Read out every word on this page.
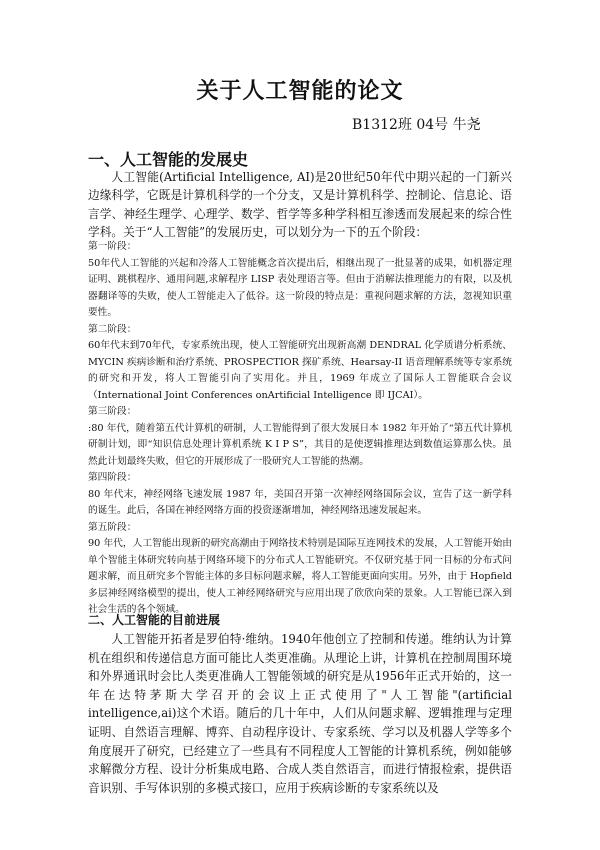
关于人工智能的论文
B1312班 04号 牛尧
一、人工智能的发展史

人工智能(Artificial Intelligence, AI)是20世纪50年代中期兴起的一门新兴边缘科学，它既是计算机科学的一个分支，又是计算机科学、控制论、信息论、语言学、神经生理学、心理学、数学、哲学等多种学科相互渗透而发展起来的综合性学科。关于“人工智能”的发展历史，可以划分为一下的五个阶段：

第一阶段：

50年代人工智能的兴起和冷落人工智能概念首次提出后，相继出现了一批显著的成果，如机器定理证明、跳棋程序、通用问题,求解程序 LISP 表处理语言等。但由于消解法推理能力的有限，以及机器翻译等的失败，使人工智能走入了低谷。这一阶段的特点是：重视问题求解的方法，忽视知识重要性。

第二阶段：

60年代末到70年代，专家系统出现，使人工智能研究出现新高潮 DENDRAL 化学质谱分析系统、MYCIN 疾病诊断和治疗系统、PROSPECTIOR 探矿系统、Hearsay-II 语音理解系统等专家系统的研究和开发，将人工智能引向了实用化。并且，1969 年成立了国际人工智能联合会议（International Joint Conferences onArtificial Intelligence 即 IJCAI）。

第三阶段：

:80 年代，随着第五代计算机的研制，人工智能得到了很大发展日本 1982 年开始了“第五代计算机研制计划，即“知识信息处理计算机系统 K I P S”，其目的是使逻辑推理达到数值运算那么快。虽然此计划最终失败，但它的开展形成了一股研究人工智能的热潮。

第四阶段：

80 年代末，神经网络飞速发展 1987 年，美国召开第一次神经网络国际会议，宣告了这一新学科的诞生。此后，各国在神经网络方面的投资逐渐增加，神经网络迅速发展起来。

第五阶段：

90 年代，人工智能出现新的研究高潮由于网络技术特别是国际互连网技术的发展，人工智能开始由单个智能主体研究转向基于网络环境下的分布式人工智能研究。不仅研究基于同一目标的分布式问题求解，而且研究多个智能主体的多目标问题求解，将人工智能更面向实用。另外，由于 Hopfield 多层神经网络模型的提出，使人工神经网络研究与应用出现了欣欣向荣的景象。人工智能已深入到社会生活的各个领域。

二、人工智能的目前进展

人工智能开拓者是罗伯特·维纳。1940年他创立了控制和传递。维纳认为计算机在组织和传递信息方面可能比人类更准确。从理论上讲，计算机在控制周围环境和外界通讯时会比人类更准确人工智能领域的研究是从1956年正式开始的，这一年在达特茅斯大学召开的会议上正式使用了"人工智能"(artificial intelligence,ai)这个术语。随后的几十年中，人们从问题求解、逻辑推理与定理证明、自然语言理解、博弈、自动程序设计、专家系统、学习以及机器人学等多个角度展开了研究，已经建立了一些具有不同程度人工智能的计算机系统，例如能够求解微分方程、设计分析集成电路、合成人类自然语言，而进行情报检索，提供语音识别、手写体识别的多模式接口，应用于疾病诊断的专家系统以及
